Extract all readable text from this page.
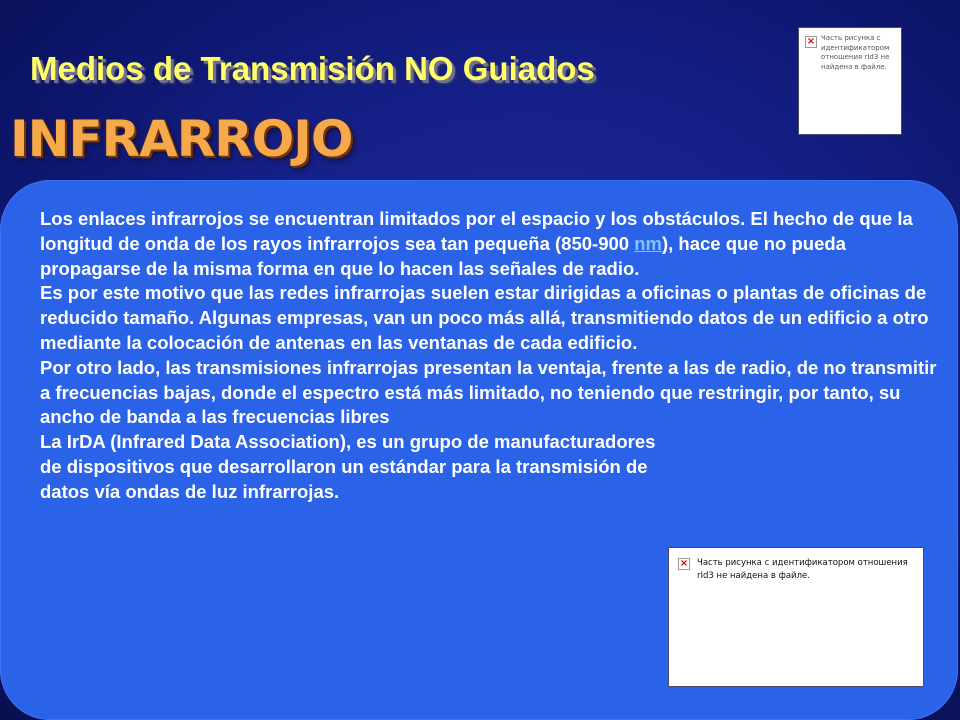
Medios de Transmisión NO Guiados
INFRARROJO
× Часть рисунка с идентификатором отношения rId3 не найдена в файле.

Los enlaces infrarrojos se encuentran limitados por el espacio y los obstáculos. El hecho de que la longitud de onda de los rayos infrarrojos sea tan pequeña (850-900 nm), hace que no pueda propagarse de la misma forma en que lo hacen las señales de radio.

Es por este motivo que las redes infrarrojas suelen estar dirigidas a oficinas o plantas de oficinas de reducido tamaño. Algunas empresas, van un poco más allá, transmitiendo datos de un edificio a otro mediante la colocación de antenas en las ventanas de cada edificio.

Por otro lado, las transmisiones infrarrojas presentan la ventaja, frente a las de radio, de no transmitir a frecuencias bajas, donde el espectro está más limitado, no teniendo que restringir, por tanto, su ancho de banda a las frecuencias libres

La IrDA (Infrared Data Association), es un grupo de manufacturadores de dispositivos que desarrollaron un estándar para la transmisión de datos vía ondas de luz infrarrojas.

× Часть рисунка с идентификатором отношения rId3 не найдена в файле.
